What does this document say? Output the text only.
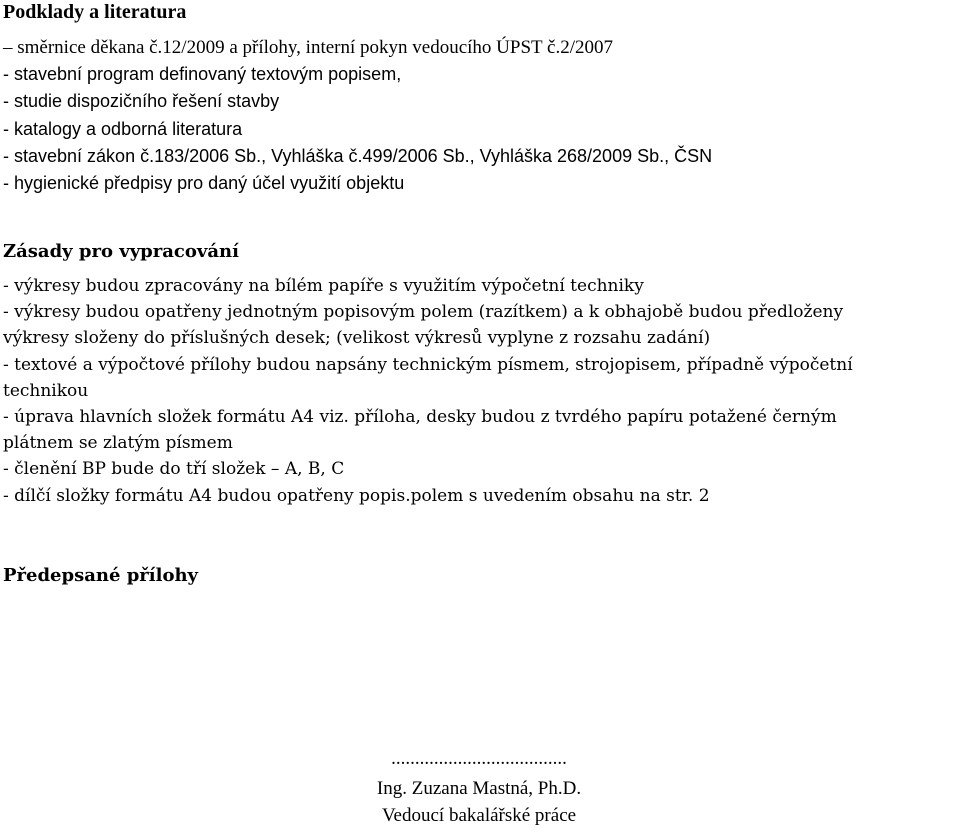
Podklady a literatura
– směrnice děkana č.12/2009 a přílohy, interní pokyn vedoucího ÚPST č.2/2007
- stavební program definovaný textovým popisem,
- studie dispozičního řešení stavby
- katalogy a odborná literatura
- stavební zákon č.183/2006 Sb., Vyhláška č.499/2006 Sb., Vyhláška 268/2009 Sb., ČSN
- hygienické předpisy pro daný účel využití objektu
Zásady pro vypracování
- výkresy budou zpracovány na bílém papíře s využitím výpočetní techniky
- výkresy budou opatřeny jednotným popisovým polem (razítkem) a k obhajobě budou předloženy
výkresy složeny do příslušných desek; (velikost výkresů vyplyne z rozsahu zadání)
- textové a výpočtové přílohy budou napsány technickým písmem, strojopisem, případně výpočetní
technikou
- úprava hlavních složek formátu A4 viz. příloha, desky budou z tvrdého papíru potažené černým
plátnem se zlatým písmem
- členění BP bude do tří složek – A, B, C
- dílčí složky formátu A4 budou opatřeny popis.polem s uvedením obsahu na str. 2
Předepsané přílohy
.....................................
Ing. Zuzana Mastná, Ph.D.
Vedoucí bakalářské práce
